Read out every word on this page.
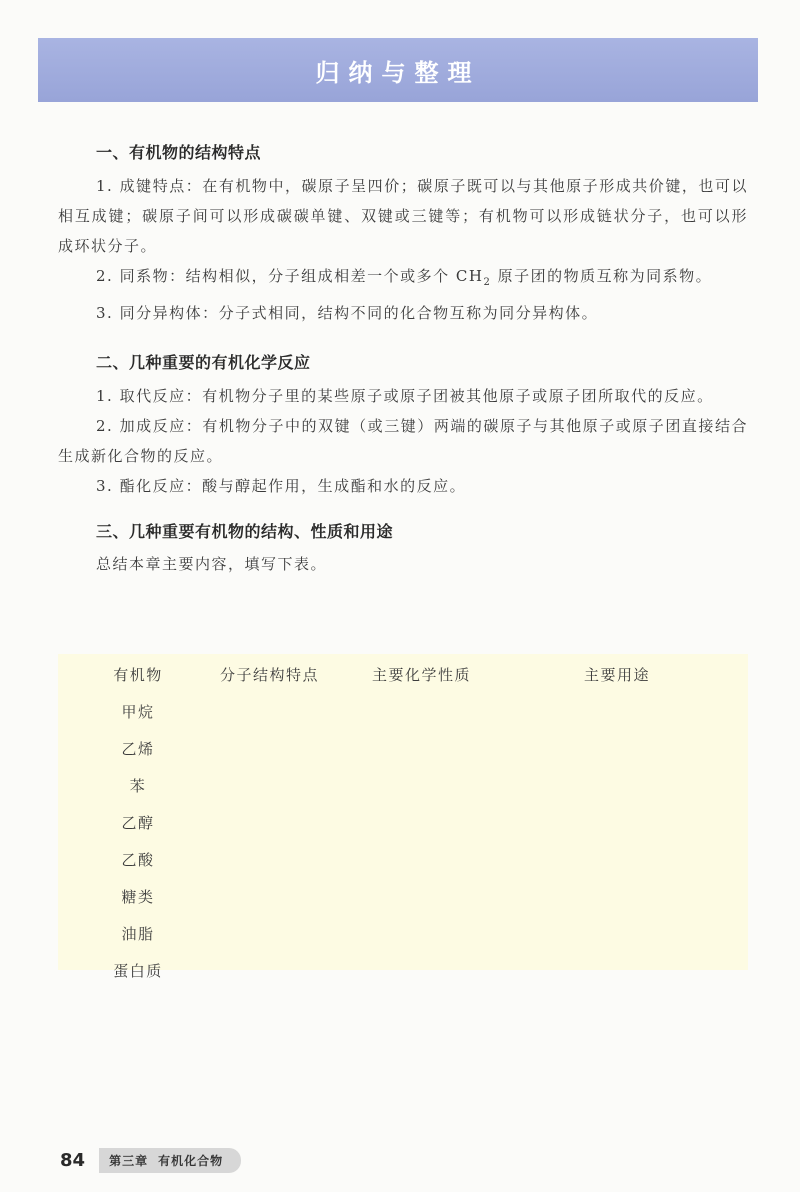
归纳与整理
一、有机物的结构特点

1. 成键特点：在有机物中，碳原子呈四价；碳原子既可以与其他原子形成共价键，也可以相互成键；碳原子间可以形成碳碳单键、双键或三键等；有机物可以形成链状分子，也可以形成环状分子。

2. 同系物：结构相似，分子组成相差一个或多个 $CH_2$ 原子团的物质互称为同系物。

3. 同分异构体：分子式相同，结构不同的化合物互称为同分异构体。

二、几种重要的有机化学反应

1. 取代反应：有机物分子里的某些原子或原子团被其他原子或原子团所取代的反应。

2. 加成反应：有机物分子中的双键（或三键）两端的碳原子与其他原子或原子团直接结合生成新化合物的反应。

3. 酯化反应：酸与醇起作用，生成酯和水的反应。

三、几种重要有机物的结构、性质和用途

总结本章主要内容，填写下表。

有机物	分子结构特点	主要化学性质	主要用途
甲烷			
乙烯			
苯			
乙醇			
乙酸			
糖类			
油脂			
蛋白质			
84	第三章 有机化合物
